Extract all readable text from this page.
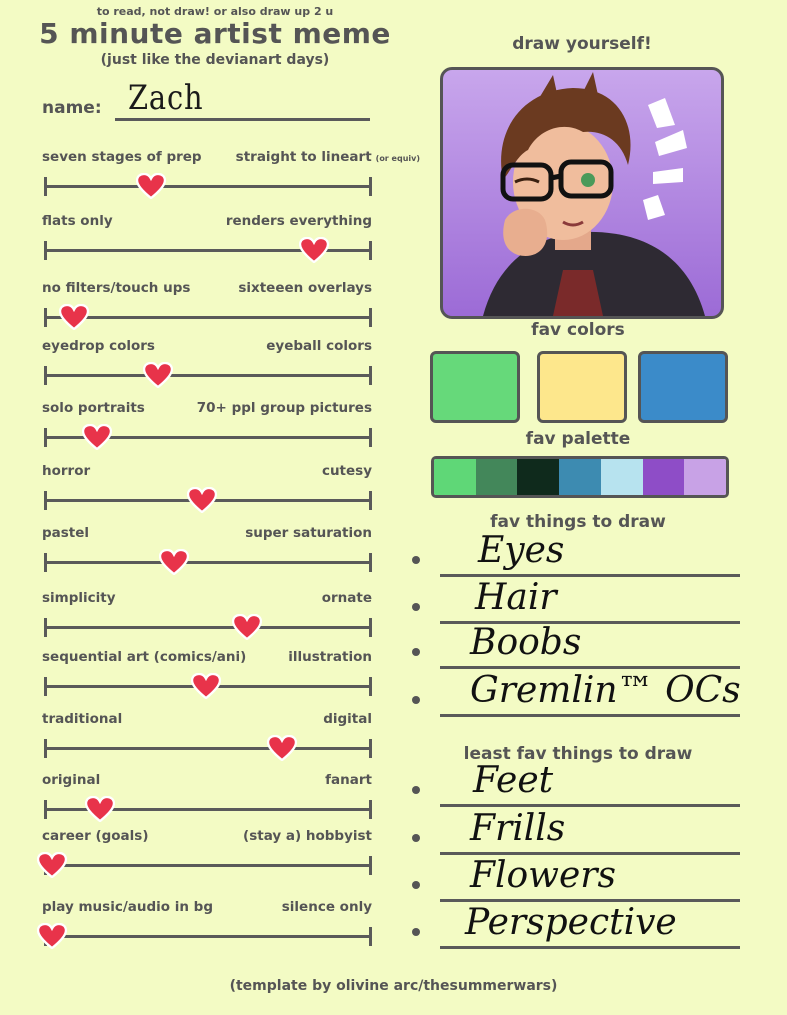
to read, not draw! or also draw up 2 u
5 minute artist meme
(just like the devianart days)
name: Zach
seven stages of prep	straight to lineart (or equiv)
flats only	renders everything
no filters/touch ups	sixteeen overlays
eyedrop colors	eyeball colors
solo portraits	70+ ppl group pictures
horror	cutesy
pastel	super saturation
simplicity	ornate
sequential art (comics/ani)	illustration
traditional	digital
original	fanart
career (goals)	(stay a) hobbyist
play music/audio in bg	silence only
draw yourself!
fav colors
fav palette
fav things to draw
Eyes
Hair
Boobs
Gremlin™ OCs
least fav things to draw
Feet
Frills
Flowers
Perspective
(template by olivine arc/thesummerwars)
